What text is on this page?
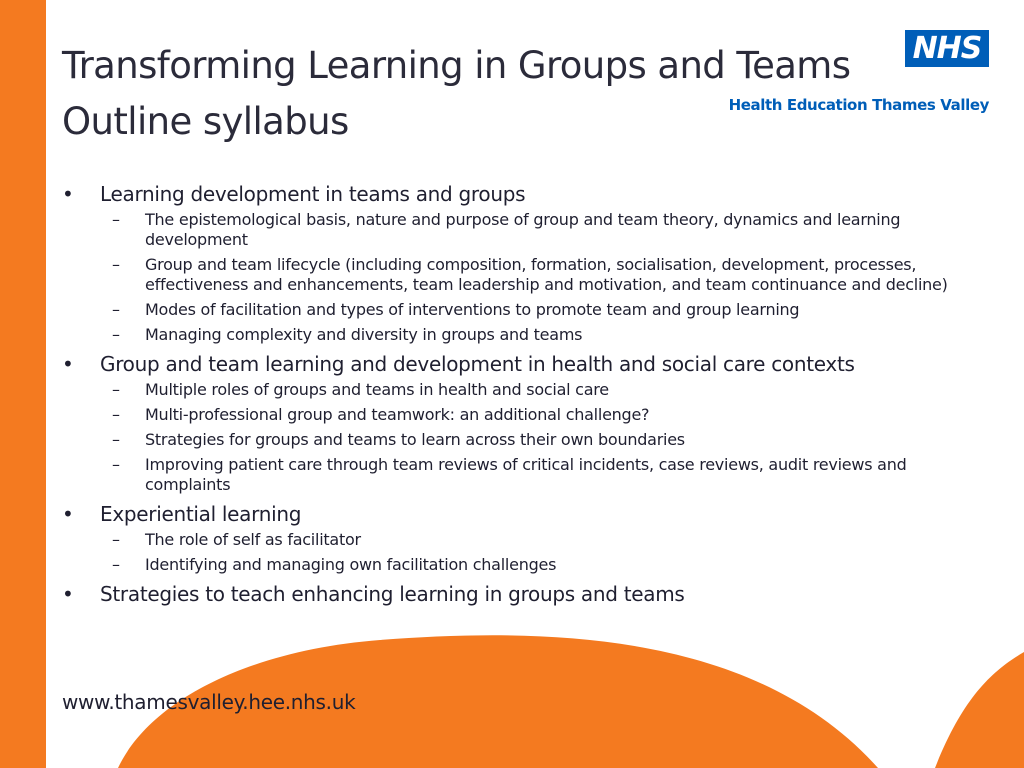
Transforming Learning in Groups and Teams
Outline syllabus
NHS
Health Education Thames Valley
• Learning development in teams and groups
– The epistemological basis, nature and purpose of group and team theory, dynamics and learning development
– Group and team lifecycle (including composition, formation, socialisation, development, processes, effectiveness and enhancements, team leadership and motivation, and team continuance and decline)
– Modes of facilitation and types of interventions to promote team and group learning
– Managing complexity and diversity in groups and teams
• Group and team learning and development in health and social care contexts
– Multiple roles of groups and teams in health and social care
– Multi-professional group and teamwork: an additional challenge?
– Strategies for groups and teams to learn across their own boundaries
– Improving patient care through team reviews of critical incidents, case reviews, audit reviews and complaints
• Experiential learning
– The role of self as facilitator
– Identifying and managing own facilitation challenges
• Strategies to teach enhancing learning in groups and teams
www.thamesvalley.hee.nhs.uk
